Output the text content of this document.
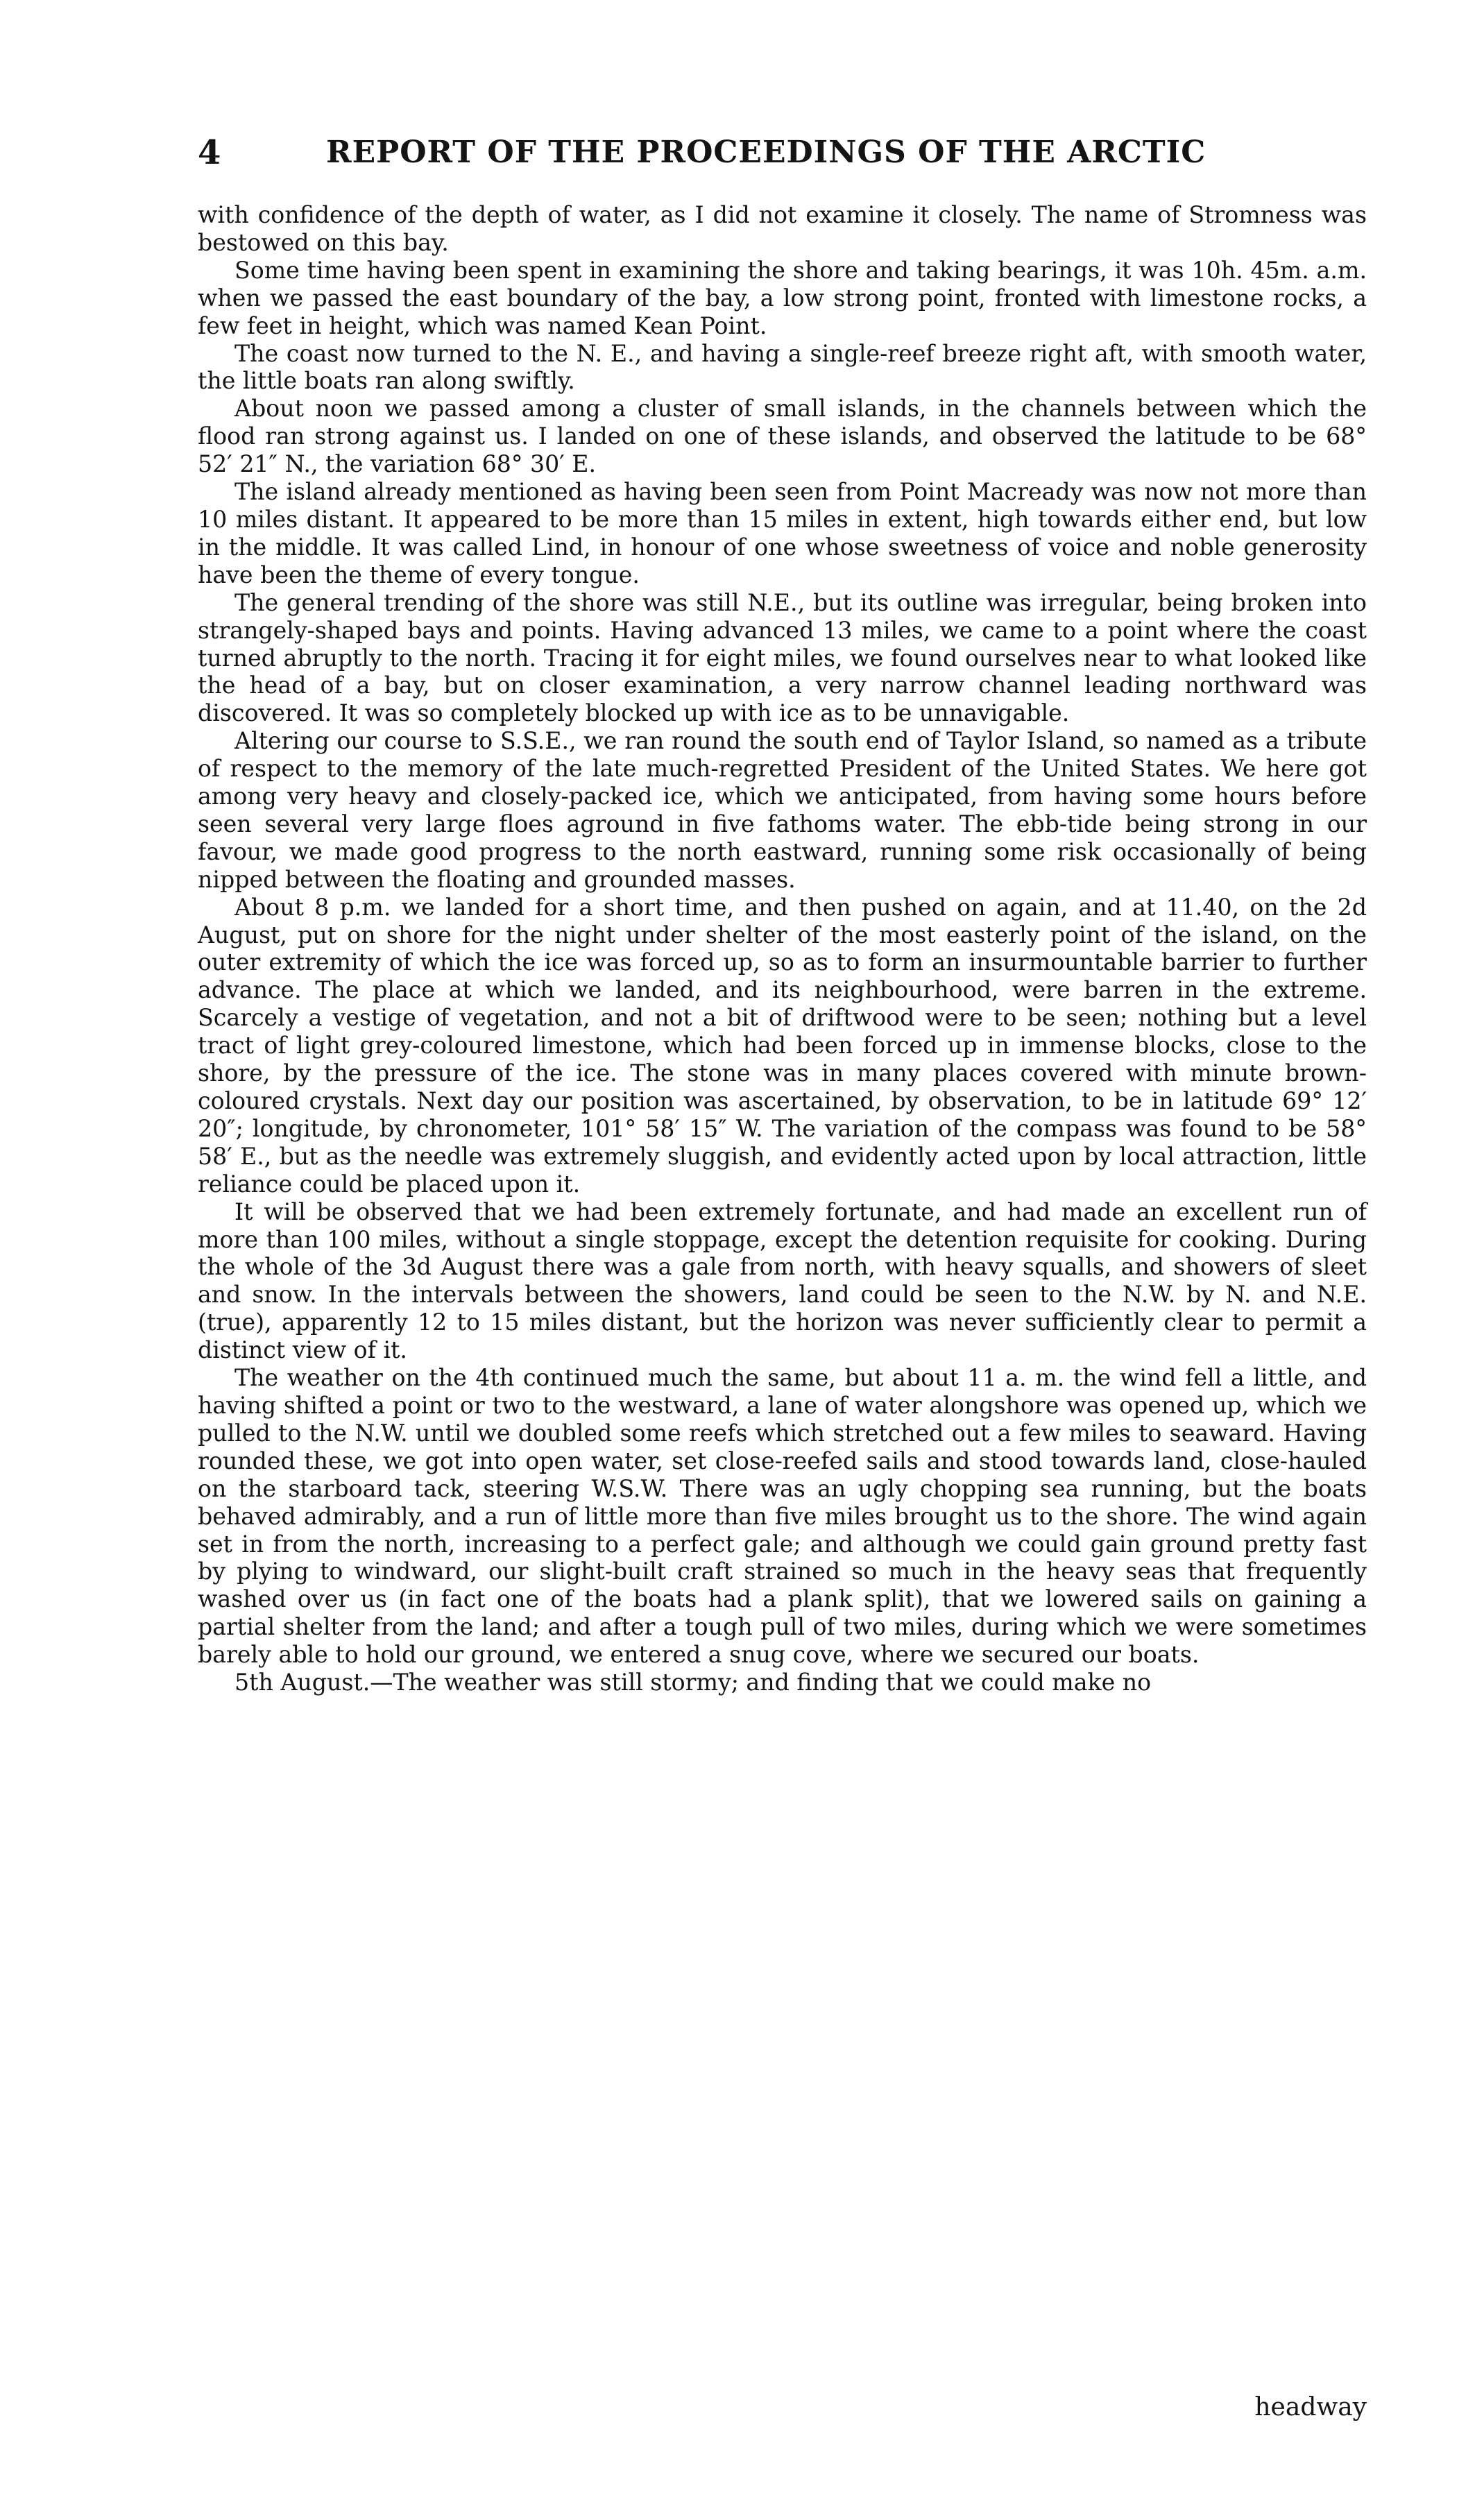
4	REPORT OF THE PROCEEDINGS OF THE ARCTIC

with confidence of the depth of water, as I did not examine it closely. The name of Stromness was bestowed on this bay.

Some time having been spent in examining the shore and taking bearings, it was 10h. 45m. a.m. when we passed the east boundary of the bay, a low strong point, fronted with limestone rocks, a few feet in height, which was named Kean Point.

The coast now turned to the N. E., and having a single-reef breeze right aft, with smooth water, the little boats ran along swiftly.

About noon we passed among a cluster of small islands, in the channels between which the flood ran strong against us. I landed on one of these islands, and observed the latitude to be 68° 52′ 21″ N., the variation 68° 30′ E.

The island already mentioned as having been seen from Point Macready was now not more than 10 miles distant. It appeared to be more than 15 miles in extent, high towards either end, but low in the middle. It was called Lind, in honour of one whose sweetness of voice and noble generosity have been the theme of every tongue.

The general trending of the shore was still N.E., but its outline was irregular, being broken into strangely-shaped bays and points. Having advanced 13 miles, we came to a point where the coast turned abruptly to the north. Tracing it for eight miles, we found ourselves near to what looked like the head of a bay, but on closer examination, a very narrow channel leading northward was discovered. It was so completely blocked up with ice as to be unnavigable.

Altering our course to S.S.E., we ran round the south end of Taylor Island, so named as a tribute of respect to the memory of the late much-regretted President of the United States. We here got among very heavy and closely-packed ice, which we anticipated, from having some hours before seen several very large floes aground in five fathoms water. The ebb-tide being strong in our favour, we made good progress to the north eastward, running some risk occasionally of being nipped between the floating and grounded masses.

About 8 p.m. we landed for a short time, and then pushed on again, and at 11.40, on the 2d August, put on shore for the night under shelter of the most easterly point of the island, on the outer extremity of which the ice was forced up, so as to form an insurmountable barrier to further advance. The place at which we landed, and its neighbourhood, were barren in the extreme. Scarcely a vestige of vegetation, and not a bit of driftwood were to be seen; nothing but a level tract of light grey-coloured limestone, which had been forced up in immense blocks, close to the shore, by the pressure of the ice. The stone was in many places covered with minute brown-coloured crystals. Next day our position was ascertained, by observation, to be in latitude 69° 12′ 20″; longitude, by chronometer, 101° 58′ 15″ W. The variation of the compass was found to be 58° 58′ E., but as the needle was extremely sluggish, and evidently acted upon by local attraction, little reliance could be placed upon it.

It will be observed that we had been extremely fortunate, and had made an excellent run of more than 100 miles, without a single stoppage, except the detention requisite for cooking. During the whole of the 3d August there was a gale from north, with heavy squalls, and showers of sleet and snow. In the intervals between the showers, land could be seen to the N.W. by N. and N.E. (true), apparently 12 to 15 miles distant, but the horizon was never sufficiently clear to permit a distinct view of it.

The weather on the 4th continued much the same, but about 11 a. m. the wind fell a little, and having shifted a point or two to the westward, a lane of water alongshore was opened up, which we pulled to the N.W. until we doubled some reefs which stretched out a few miles to seaward. Having rounded these, we got into open water, set close-reefed sails and stood towards land, close-hauled on the starboard tack, steering W.S.W. There was an ugly chopping sea running, but the boats behaved admirably, and a run of little more than five miles brought us to the shore. The wind again set in from the north, increasing to a perfect gale; and although we could gain ground pretty fast by plying to windward, our slight-built craft strained so much in the heavy seas that frequently washed over us (in fact one of the boats had a plank split), that we lowered sails on gaining a partial shelter from the land; and after a tough pull of two miles, during which we were sometimes barely able to hold our ground, we entered a snug cove, where we secured our boats.

5th August.—The weather was still stormy; and finding that we could make no

headway
